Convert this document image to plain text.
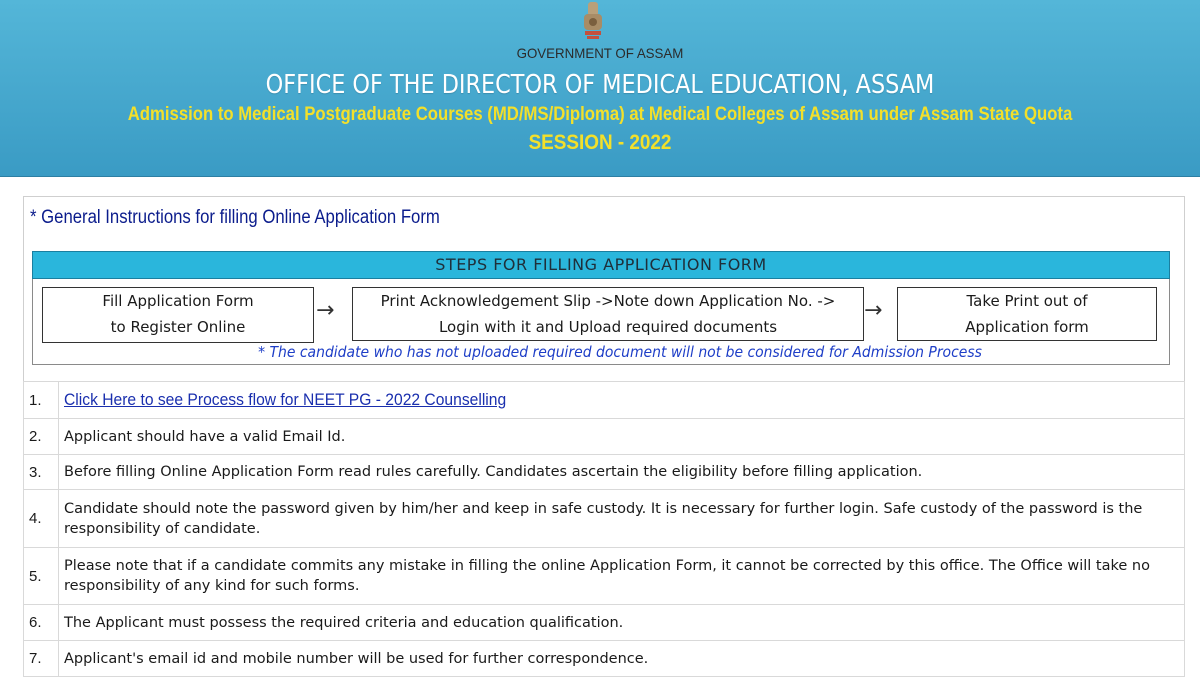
GOVERNMENT OF ASSAM
OFFICE OF THE DIRECTOR OF MEDICAL EDUCATION, ASSAM
Admission to Medical Postgraduate Courses (MD/MS/Diploma) at Medical Colleges of Assam under Assam State Quota
SESSION - 2022
* General Instructions for filling Online Application Form
STEPS FOR FILLING APPLICATION FORM
Fill Application Form
to Register Online
→	Print Acknowledgement Slip ->Note down Application No. ->
Login with it and Upload required documents
→	Take Print out of
Application form
* The candidate who has not uploaded required document will not be considered for Admission Process
1.	Click Here to see Process flow for NEET PG - 2022 Counselling
2.	Applicant should have a valid Email Id.
3.	Before filling Online Application Form read rules carefully. Candidates ascertain the eligibility before filling application.
4.	Candidate should note the password given by him/her and keep in safe custody. It is necessary for further login. Safe custody of the password is the responsibility of candidate.
5.	Please note that if a candidate commits any mistake in filling the online Application Form, it cannot be corrected by this office. The Office will take no responsibility of any kind for such forms.
6.	The Applicant must possess the required criteria and education qualification.
7.	Applicant's email id and mobile number will be used for further correspondence.
